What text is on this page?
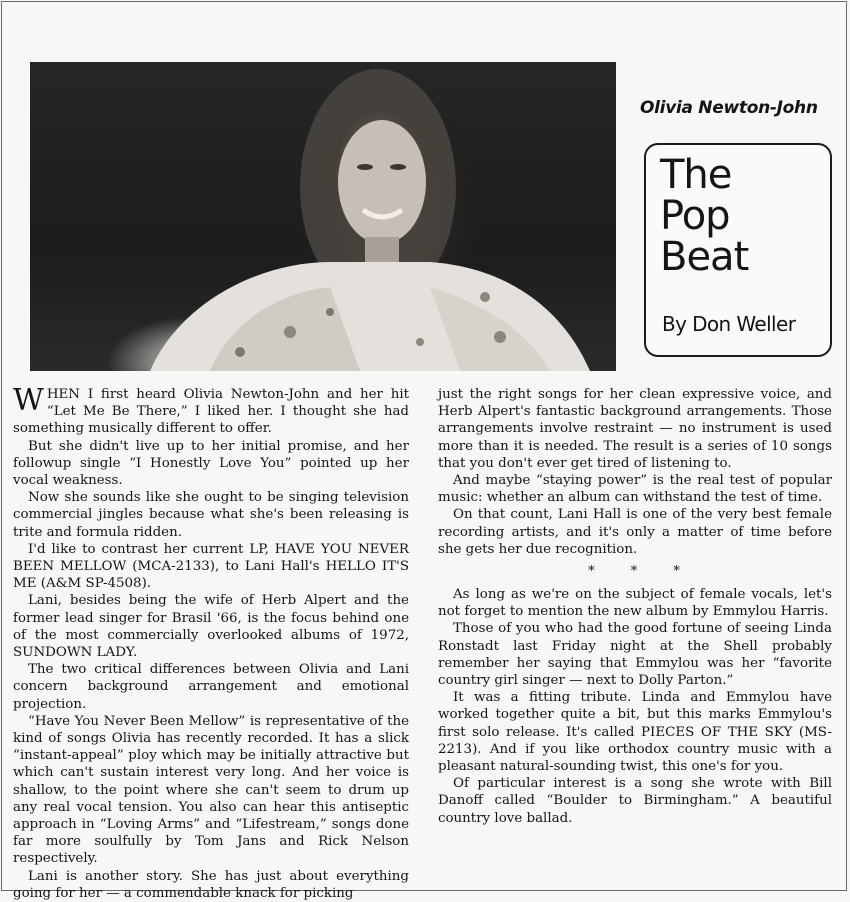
Olivia Newton-John
The
Pop
Beat
By Don Weller

WHEN I first heard Olivia Newton-John and her hit “Let Me Be There,” I liked her. I thought she had something musically different to offer.

But she didn't live up to her initial promise, and her followup single “I Honestly Love You” pointed up her vocal weakness.

Now she sounds like she ought to be singing television commercial jingles because what she's been releasing is trite and formula ridden.

I'd like to contrast her current LP, HAVE YOU NEVER BEEN MELLOW (MCA-2133), to Lani Hall's HELLO IT'S ME (A&M SP-4508).

Lani, besides being the wife of Herb Alpert and the former lead singer for Brasil '66, is the focus behind one of the most commercially overlooked albums of 1972, SUNDOWN LADY.

The two critical differences between Olivia and Lani concern background arrangement and emotional projection.

“Have You Never Been Mellow” is representative of the kind of songs Olivia has recently recorded. It has a slick “instant-appeal” ploy which may be initially attractive but which can't sustain interest very long. And her voice is shallow, to the point where she can't seem to drum up any real vocal tension. You also can hear this antiseptic approach in “Loving Arms” and “Lifestream,” songs done far more soulfully by Tom Jans and Rick Nelson respectively.

Lani is another story. She has just about everything going for her — a commendable knack for picking

just the right songs for her clean expressive voice, and Herb Alpert's fantastic background arrangements. Those arrangements involve restraint — no instrument is used more than it is needed. The result is a series of 10 songs that you don't ever get tired of listening to.

And maybe “staying power” is the real test of popular music: whether an album can withstand the test of time.

On that count, Lani Hall is one of the very best female recording artists, and it's only a matter of time before she gets her due recognition.

* * *

As long as we're on the subject of female vocals, let's not forget to mention the new album by Emmylou Harris.

Those of you who had the good fortune of seeing Linda Ronstadt last Friday night at the Shell probably remember her saying that Emmylou was her “favorite country girl singer — next to Dolly Parton.”

It was a fitting tribute. Linda and Emmylou have worked together quite a bit, but this marks Emmylou's first solo release. It's called PIECES OF THE SKY (MS-2213). And if you like orthodox country music with a pleasant natural-sounding twist, this one's for you.

Of particular interest is a song she wrote with Bill Danoff called “Boulder to Birmingham.” A beautiful country love ballad.
